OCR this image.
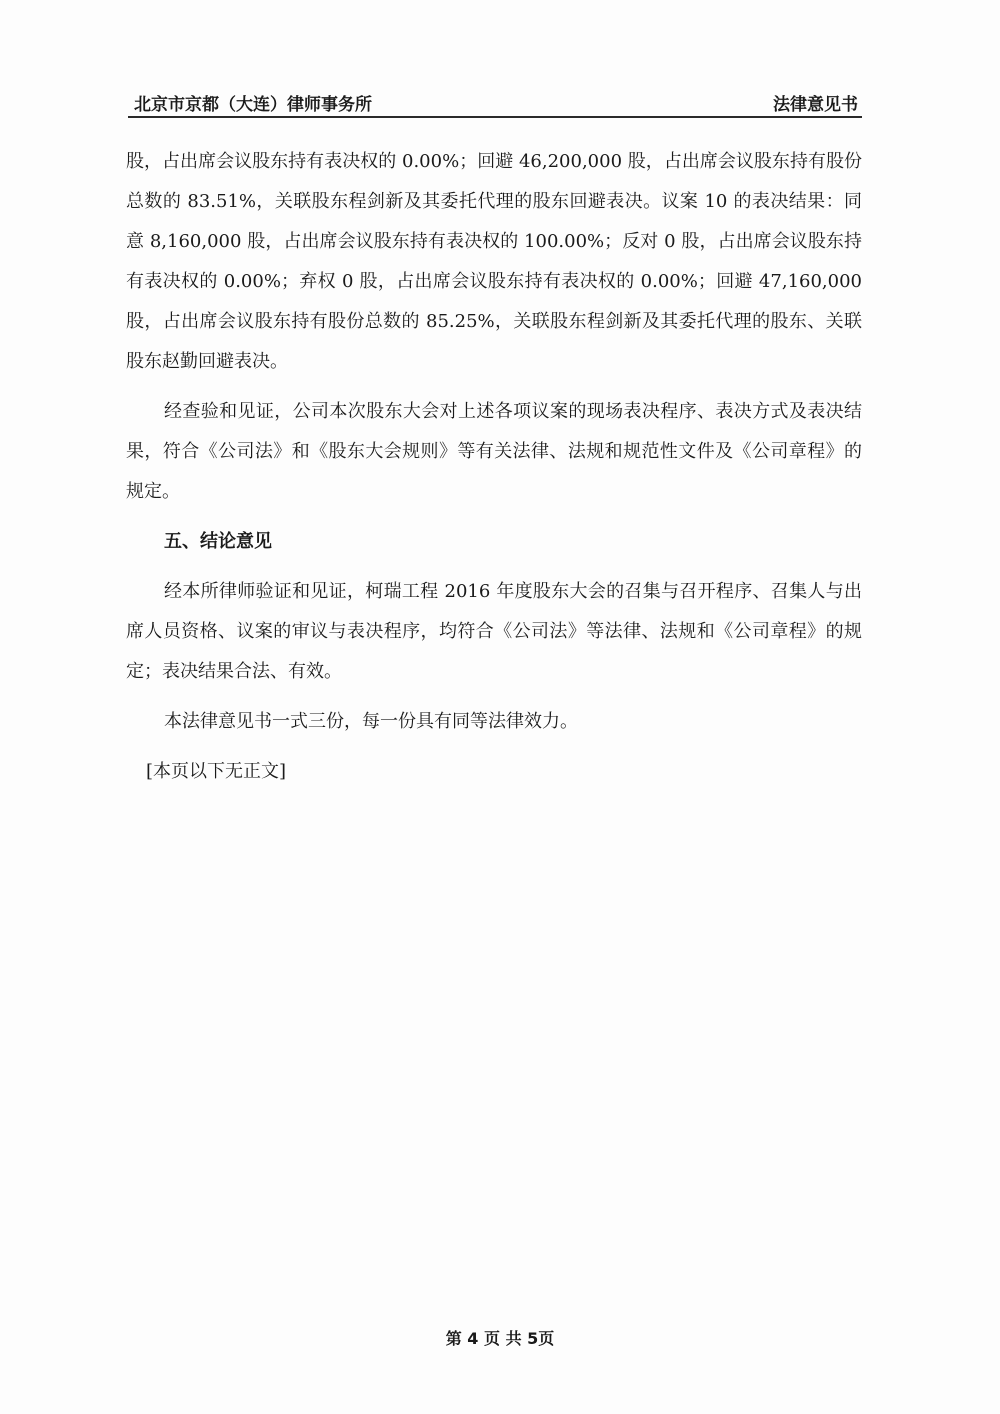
北京市京都（大连）律师事务所	法律意见书

股，占出席会议股东持有表决权的 0.00%；回避 46,200,000 股，占出席会议股东持有股份总数的 83.51%，关联股东程剑新及其委托代理的股东回避表决。议案 10 的表决结果：同意 8,160,000 股，占出席会议股东持有表决权的 100.00%；反对 0 股，占出席会议股东持有表决权的 0.00%；弃权 0 股，占出席会议股东持有表决权的 0.00%；回避 47,160,000 股，占出席会议股东持有股份总数的 85.25%，关联股东程剑新及其委托代理的股东、关联股东赵勤回避表决。

经查验和见证，公司本次股东大会对上述各项议案的现场表决程序、表决方式及表决结果，符合《公司法》和《股东大会规则》等有关法律、法规和规范性文件及《公司章程》的规定。

五、结论意见

经本所律师验证和见证，柯瑞工程 2016 年度股东大会的召集与召开程序、召集人与出席人员资格、议案的审议与表决程序，均符合《公司法》等法律、法规和《公司章程》的规定；表决结果合法、有效。

本法律意见书一式三份，每一份具有同等法律效力。

[本页以下无正文]

第 4 页 共 5页
